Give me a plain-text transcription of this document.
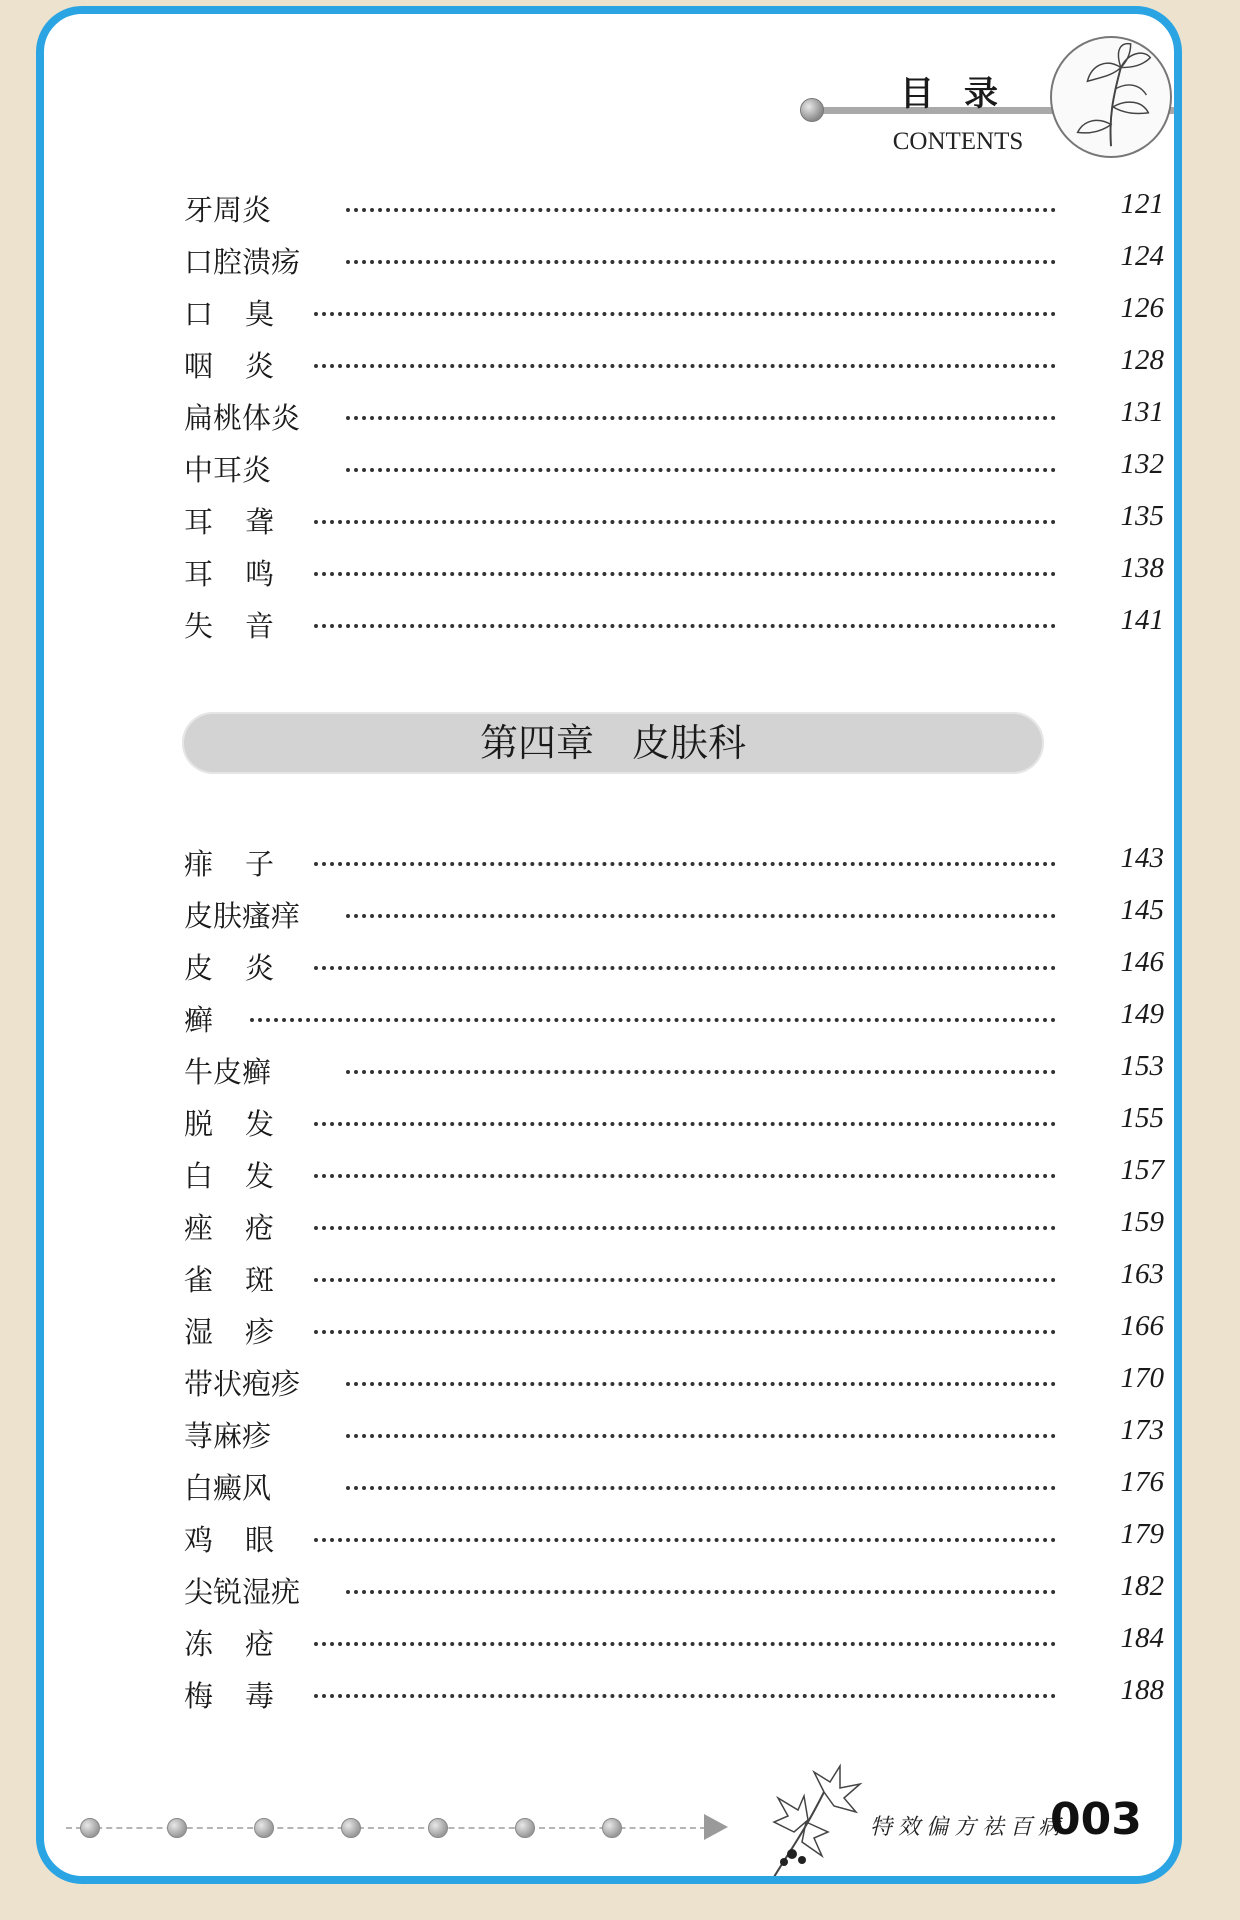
目录
CONTENTS
牙周炎	121
口腔溃疡	124
口臭	126
咽炎	128
扁桃体炎	131
中耳炎	132
耳聋	135
耳鸣	138
失音	141
第四章 皮肤科
痱子	143
皮肤瘙痒	145
皮炎	146
癣	149
牛皮癣	153
脱发	155
白发	157
痤疮	159
雀斑	163
湿疹	166
带状疱疹	170
荨麻疹	173
白癜风	176
鸡眼	179
尖锐湿疣	182
冻疮	184
梅毒	188
特效偏方祛百病
003
